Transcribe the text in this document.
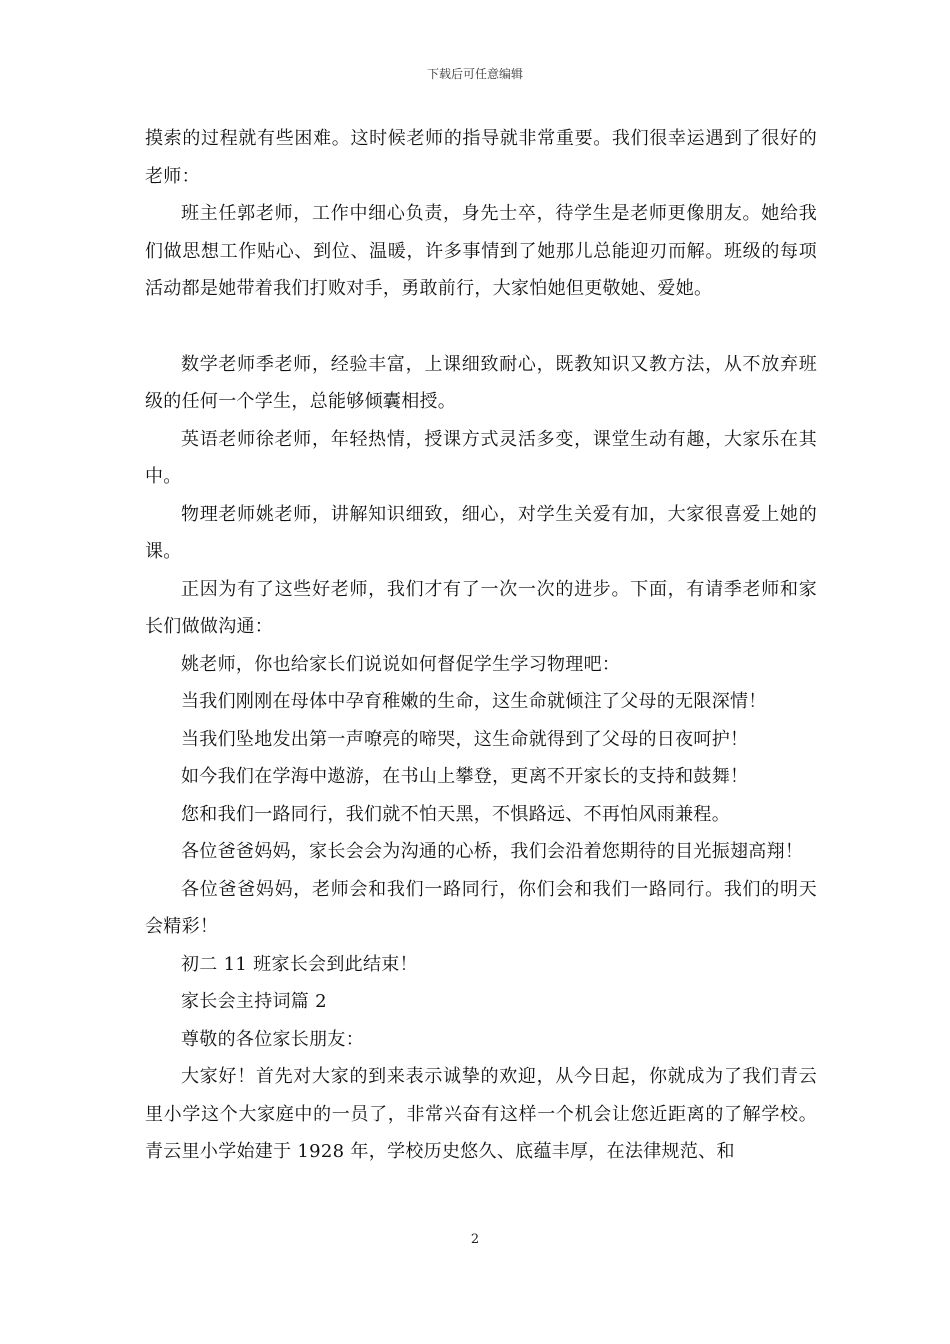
下载后可任意编辑

摸索的过程就有些困难。这时候老师的指导就非常重要。我们很幸运遇到了很好的老师：

班主任郭老师，工作中细心负责，身先士卒，待学生是老师更像朋友。她给我们做思想工作贴心、到位、温暖，许多事情到了她那儿总能迎刃而解。班级的每项活动都是她带着我们打败对手，勇敢前行，大家怕她但更敬她、爱她。

数学老师季老师，经验丰富，上课细致耐心，既教知识又教方法，从不放弃班级的任何一个学生，总能够倾囊相授。

英语老师徐老师，年轻热情，授课方式灵活多变，课堂生动有趣，大家乐在其中。

物理老师姚老师，讲解知识细致，细心，对学生关爱有加，大家很喜爱上她的课。

正因为有了这些好老师，我们才有了一次一次的进步。下面，有请季老师和家长们做做沟通：

姚老师，你也给家长们说说如何督促学生学习物理吧：

当我们刚刚在母体中孕育稚嫩的生命，这生命就倾注了父母的无限深情！

当我们坠地发出第一声嘹亮的啼哭，这生命就得到了父母的日夜呵护！

如今我们在学海中遨游，在书山上攀登，更离不开家长的支持和鼓舞！

您和我们一路同行，我们就不怕天黑，不惧路远、不再怕风雨兼程。

各位爸爸妈妈，家长会会为沟通的心桥，我们会沿着您期待的目光振翅高翔！

各位爸爸妈妈，老师会和我们一路同行，你们会和我们一路同行。我们的明天会精彩！

初二 11 班家长会到此结束！

家长会主持词篇 2

尊敬的各位家长朋友：

大家好！首先对大家的到来表示诚挚的欢迎，从今日起，你就成为了我们青云里小学这个大家庭中的一员了，非常兴奋有这样一个机会让您近距离的了解学校。青云里小学始建于 1928 年，学校历史悠久、底蕴丰厚，在法律规范、和

2
